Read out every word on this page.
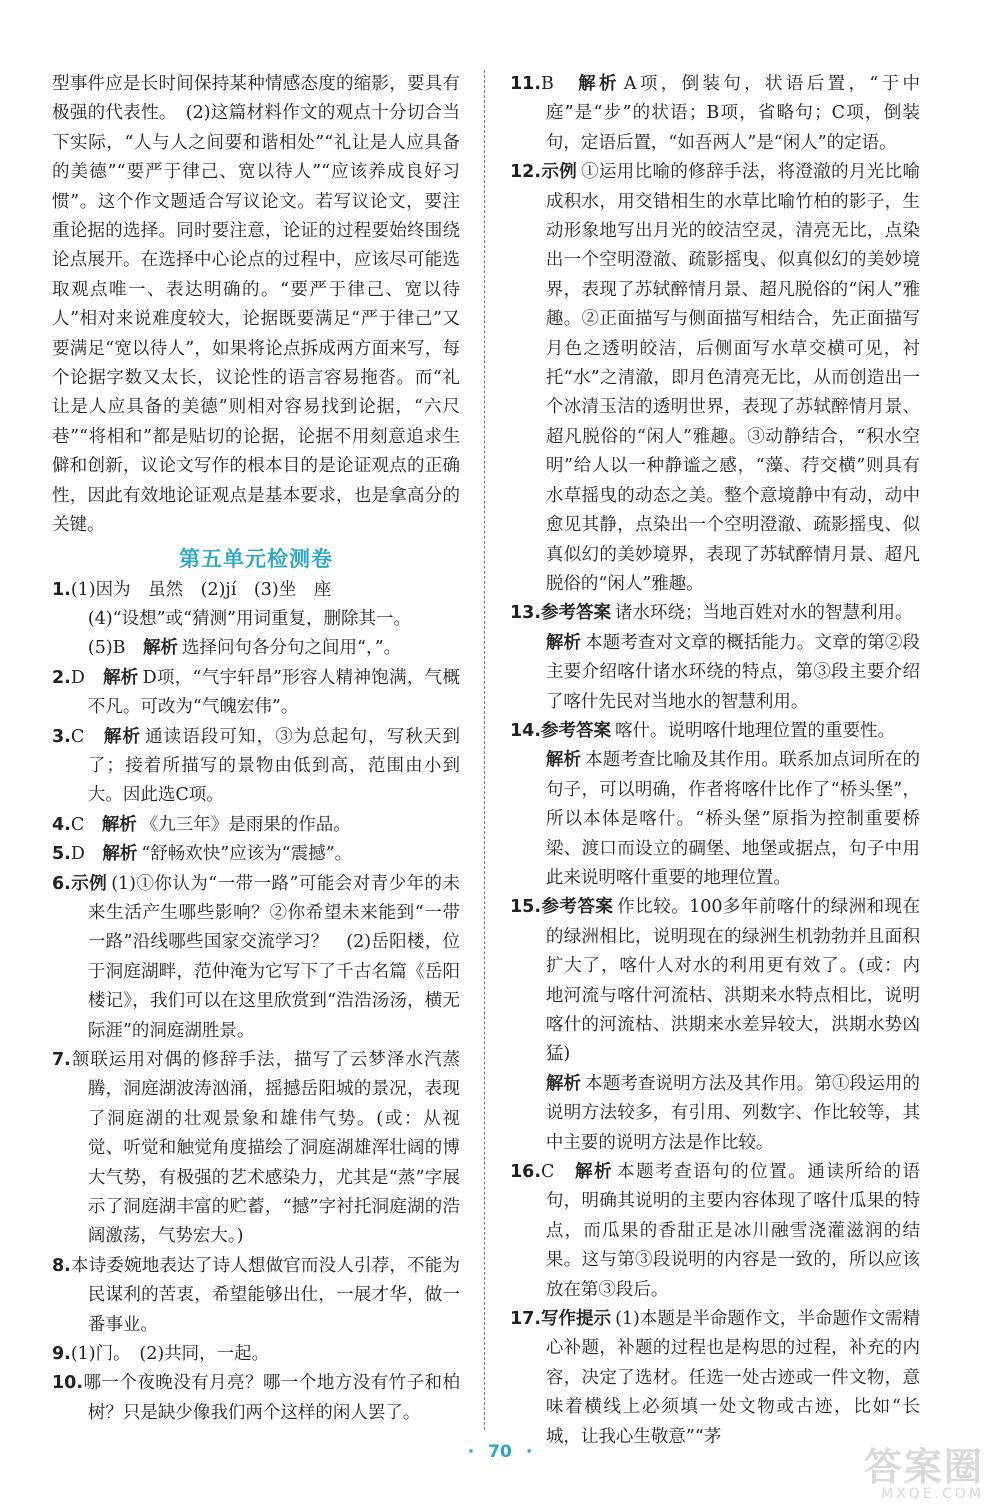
型事件应是长时间保持某种情感态度的缩影，要具有极强的代表性。　(2)这篇材料作文的观点十分切合当下实际，“人与人之间要和谐相处”“礼让是人应具备的美德”“要严于律己、宽以待人”“应该养成良好习惯”。这个作文题适合写议论文。若写议论文，要注重论据的选择。同时要注意，论证的过程要始终围绕论点展开。在选择中心论点的过程中，应该尽可能选取观点唯一、表达明确的。“要严于律己、宽以待人”相对来说难度较大，论据既要满足“严于律己”又要满足“宽以待人”，如果将论点拆成两方面来写，每个论据字数又太长，议论性的语言容易拖沓。而“礼让是人应具备的美德”则相对容易找到论据，“六尺巷”“将相和”都是贴切的论据，论据不用刻意追求生僻和创新，议论文写作的根本目的是论证观点的正确性，因此有效地论证观点是基本要求，也是拿高分的关键。

第五单元检测卷
1.(1)因为　虽然　(2)jí　(3)坐　座
(4)“设想”或“猜测”用词重复，删除其一。
(5)B　解析 选择问句各分句之间用“，”。

2.D　解析 D项，“气宇轩昂”形容人精神饱满，气概不凡。可改为“气魄宏伟”。

3.C　解析 通读语段可知，③为总起句，写秋天到了；接着所描写的景物由低到高，范围由小到大。因此选C项。

4.C　解析 《九三年》是雨果的作品。

5.D　解析 “舒畅欢快”应该为“震撼”。

6.示例 (1)①你认为“一带一路”可能会对青少年的未来生活产生哪些影响？②你希望未来能到“一带一路”沿线哪些国家交流学习？　(2)岳阳楼，位于洞庭湖畔，范仲淹为它写下了千古名篇《岳阳楼记》，我们可以在这里欣赏到“浩浩汤汤，横无际涯”的洞庭湖胜景。

7.颔联运用对偶的修辞手法，描写了云梦泽水汽蒸腾，洞庭湖波涛汹涌，摇撼岳阳城的景况，表现了洞庭湖的壮观景象和雄伟气势。(或：从视觉、听觉和触觉角度描绘了洞庭湖雄浑壮阔的博大气势，有极强的艺术感染力，尤其是“蒸”字展示了洞庭湖丰富的贮蓄，“撼”字衬托洞庭湖的浩阔激荡，气势宏大。)

8.本诗委婉地表达了诗人想做官而没人引荐，不能为民谋利的苦衷，希望能够出仕，一展才华，做一番事业。

9.(1)门。　(2)共同，一起。

10.哪一个夜晚没有月亮？哪一个地方没有竹子和柏树？只是缺少像我们两个这样的闲人罢了。

11.B　解析 A项，倒装句，状语后置，“于中庭”是“步”的状语；B项，省略句；C项，倒装句，定语后置，“如吾两人”是“闲人”的定语。

12.示例 ①运用比喻的修辞手法，将澄澈的月光比喻成积水，用交错相生的水草比喻竹柏的影子，生动形象地写出月光的皎洁空灵，清亮无比，点染出一个空明澄澈、疏影摇曳、似真似幻的美妙境界，表现了苏轼醉情月景、超凡脱俗的“闲人”雅趣。②正面描写与侧面描写相结合，先正面描写月色之透明皎洁，后侧面写水草交横可见，衬托“水”之清澈，即月色清亮无比，从而创造出一个冰清玉洁的透明世界，表现了苏轼醉情月景、超凡脱俗的“闲人”雅趣。③动静结合，“积水空明”给人以一种静谧之感，“藻、荇交横”则具有水草摇曳的动态之美。整个意境静中有动，动中愈见其静，点染出一个空明澄澈、疏影摇曳、似真似幻的美妙境界，表现了苏轼醉情月景、超凡脱俗的“闲人”雅趣。

13.参考答案 诸水环绕；当地百姓对水的智慧利用。

解析 本题考查对文章的概括能力。文章的第②段主要介绍喀什诸水环绕的特点，第③段主要介绍了喀什先民对当地水的智慧利用。

14.参考答案 喀什。说明喀什地理位置的重要性。

解析 本题考查比喻及其作用。联系加点词所在的句子，可以明确，作者将喀什比作了“桥头堡”，所以本体是喀什。“桥头堡”原指为控制重要桥梁、渡口而设立的碉堡、地堡或据点，句子中用此来说明喀什重要的地理位置。

15.参考答案 作比较。100多年前喀什的绿洲和现在的绿洲相比，说明现在的绿洲生机勃勃并且面积扩大了，喀什人对水的利用更有效了。(或：内地河流与喀什河流枯、洪期来水特点相比，说明喀什的河流枯、洪期来水差异较大，洪期水势凶猛)

解析 本题考查说明方法及其作用。第①段运用的说明方法较多，有引用、列数字、作比较等，其中主要的说明方法是作比较。

16.C　解析 本题考查语句的位置。通读所给的语句，明确其说明的主要内容体现了喀什瓜果的特点，而瓜果的香甜正是冰川融雪浇灌滋润的结果。这与第③段说明的内容是一致的，所以应该放在第③段后。

17.写作提示 (1)本题是半命题作文，半命题作文需精心补题，补题的过程也是构思的过程，补充的内容，决定了选材。任选一处古迹或一件文物，意味着横线上必须填一处文物或古迹，比如“长城，让我心生敬意”“茅

· 70 ·	答案圈
MXQE.COM
